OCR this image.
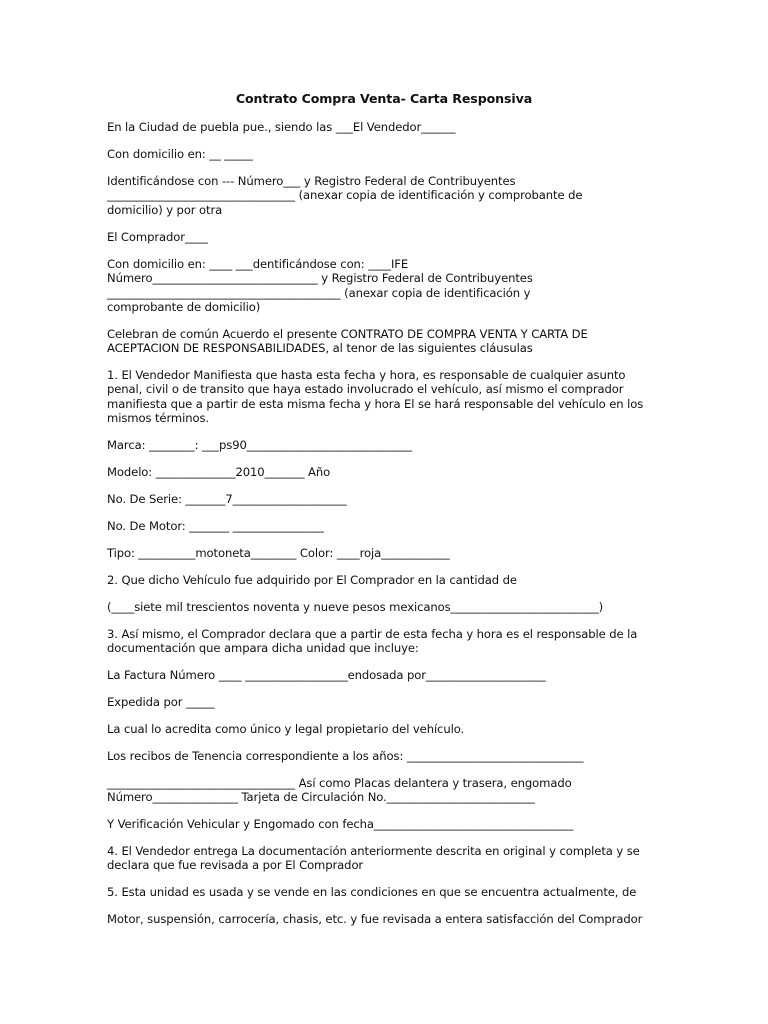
Contrato Compra Venta- Carta Responsiva
En la Ciudad de puebla pue., siendo las ___El Vendedor______
Con domicilio en: __ _____
Identificándose con --- Número___ y Registro Federal de Contribuyentes
_________________________________ (anexar copia de identificación y comprobante de
domicilio) y por otra
El Comprador____
Con domicilio en: ____ ___dentificándose con: ____IFE
Número_____________________________ y Registro Federal de Contribuyentes
_________________________________________ (anexar copia de identificación y
comprobante de domicilio)
Celebran de común Acuerdo el presente CONTRATO DE COMPRA VENTA Y CARTA DE
ACEPTACION DE RESPONSABILIDADES, al tenor de las siguientes cláusulas
1. El Vendedor Manifiesta que hasta esta fecha y hora, es responsable de cualquier asunto
penal, civil o de transito que haya estado involucrado el vehículo, así mismo el comprador
manifiesta que a partir de esta misma fecha y hora El se hará responsable del vehículo en los
mismos términos.
Marca: ________: ___ps90_____________________________
Modelo: ______________2010_______ Año
No. De Serie: _______7____________________
No. De Motor: _______ ________________
Tipo: __________motoneta________ Color: ____roja____________
2. Que dicho Vehículo fue adquirido por El Comprador en la cantidad de
(____siete mil trescientos noventa y nueve pesos mexicanos__________________________)
3. Así mismo, el Comprador declara que a partir de esta fecha y hora es el responsable de la
documentación que ampara dicha unidad que incluye:
La Factura Número ____ __________________endosada por_____________________
Expedida por _____
La cual lo acredita como único y legal propietario del vehículo.
Los recibos de Tenencia correspondiente a los años: _______________________________
_________________________________ Así como Placas delantera y trasera, engomado
Número_______________ Tarjeta de Circulación No.__________________________
Y Verificación Vehicular y Engomado con fecha___________________________________
4. El Vendedor entrega La documentación anteriormente descrita en original y completa y se
declara que fue revisada a por El Comprador
5. Esta unidad es usada y se vende en las condiciones en que se encuentra actualmente, de
Motor, suspensión, carrocería, chasis, etc. y fue revisada a entera satisfacción del Comprador
